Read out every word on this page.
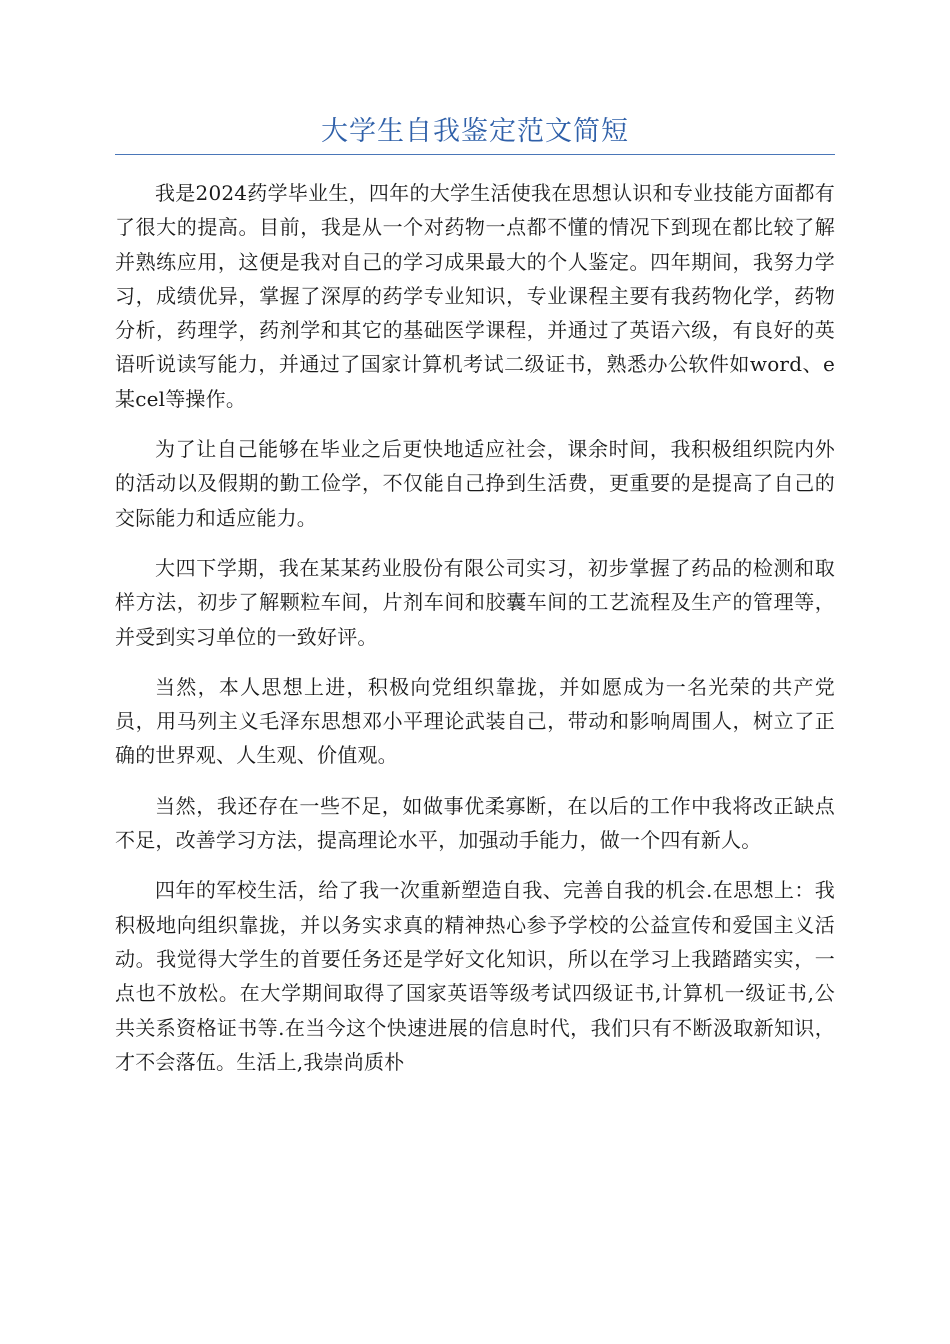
大学生自我鉴定范文简短

我是2024药学毕业生，四年的大学生活使我在思想认识和专业技能方面都有了很大的提高。目前，我是从一个对药物一点都不懂的情况下到现在都比较了解并熟练应用，这便是我对自己的学习成果最大的个人鉴定。四年期间，我努力学习，成绩优异，掌握了深厚的药学专业知识，专业课程主要有我药物化学，药物分析，药理学，药剂学和其它的基础医学课程，并通过了英语六级，有良好的英语听说读写能力，并通过了国家计算机考试二级证书，熟悉办公软件如word、e某cel等操作。

为了让自己能够在毕业之后更快地适应社会，课余时间，我积极组织院内外的活动以及假期的勤工俭学，不仅能自己挣到生活费，更重要的是提高了自己的交际能力和适应能力。

大四下学期，我在某某药业股份有限公司实习，初步掌握了药品的检测和取样方法，初步了解颗粒车间，片剂车间和胶囊车间的工艺流程及生产的管理等，并受到实习单位的一致好评。

当然，本人思想上进，积极向党组织靠拢，并如愿成为一名光荣的共产党员，用马列主义毛泽东思想邓小平理论武装自己，带动和影响周围人，树立了正确的世界观、人生观、价值观。

当然，我还存在一些不足，如做事优柔寡断，在以后的工作中我将改正缺点不足，改善学习方法，提高理论水平，加强动手能力，做一个四有新人。

四年的军校生活，给了我一次重新塑造自我、完善自我的机会.在思想上：我积极地向组织靠拢，并以务实求真的精神热心参予学校的公益宣传和爱国主义活动。我觉得大学生的首要任务还是学好文化知识，所以在学习上我踏踏实实，一点也不放松。在大学期间取得了国家英语等级考试四级证书,计算机一级证书,公共关系资格证书等.在当今这个快速进展的信息时代，我们只有不断汲取新知识，才不会落伍。生活上,我崇尚质朴
